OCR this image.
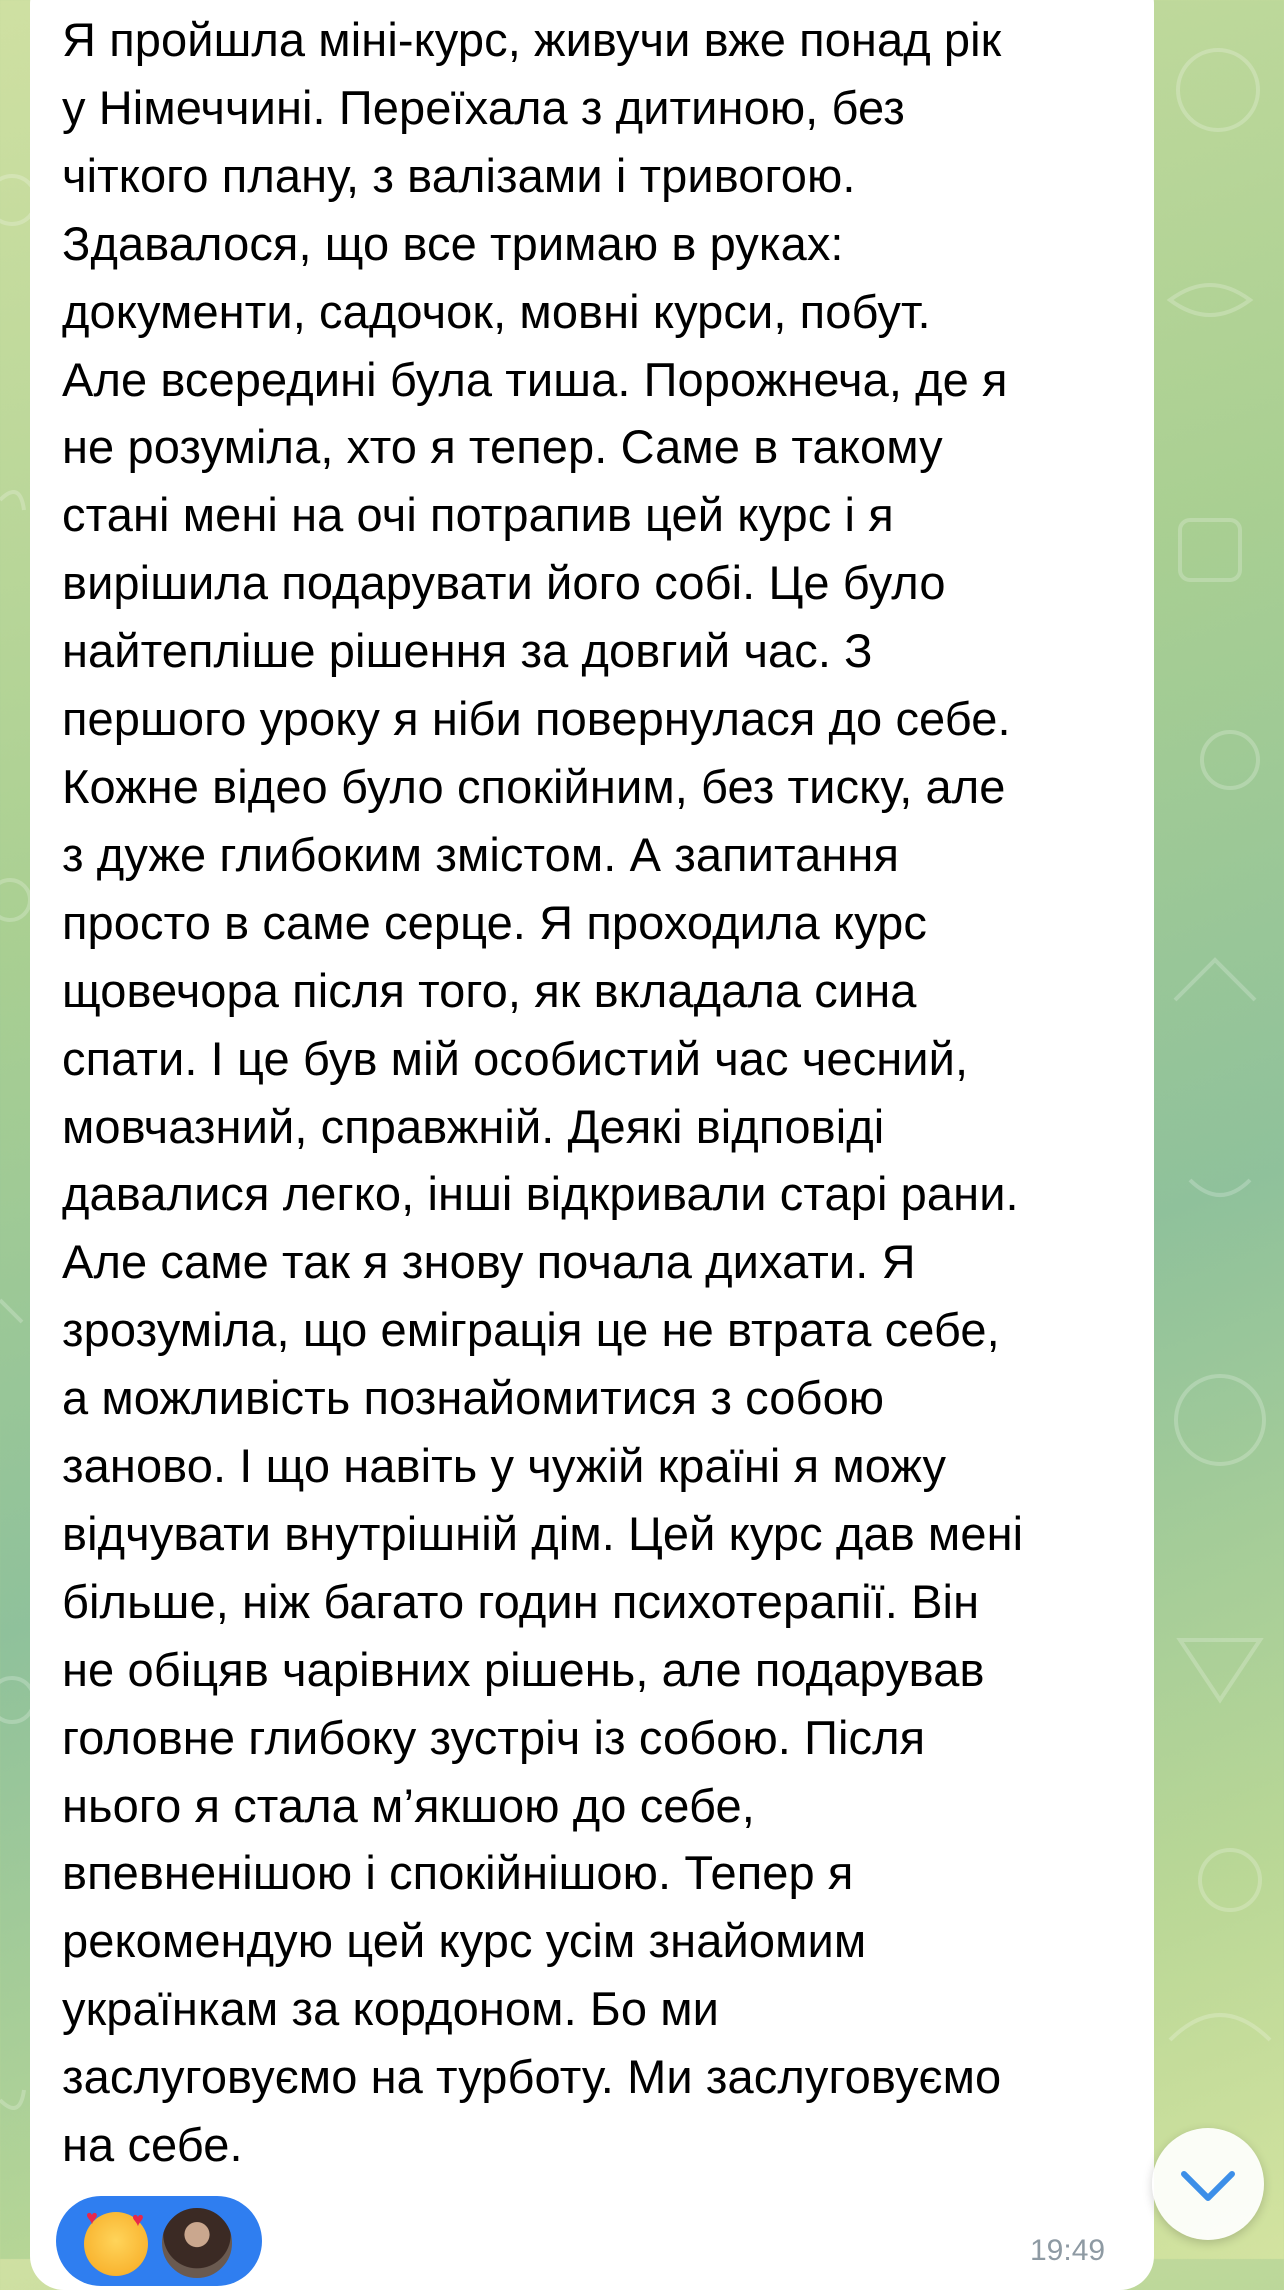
Я пройшла міні-курс, живучи вже понад рік
у Німеччині. Переїхала з дитиною, без
чіткого плану, з валізами і тривогою.
Здавалося, що все тримаю в руках:
документи, садочок, мовні курси, побут.
Але всередині була тиша. Порожнеча, де я
не розуміла, хто я тепер. Саме в такому
стані мені на очі потрапив цей курс і я
вирішила подарувати його собі. Це було
найтепліше рішення за довгий час. З
першого уроку я ніби повернулася до себе.
Кожне відео було спокійним, без тиску, але
з дуже глибоким змістом. А запитання
просто в саме серце. Я проходила курс
щовечора після того, як вкладала сина
спати. І це був мій особистий час чесний,
мовчазний, справжній. Деякі відповіді
давалися легко, інші відкривали старі рани.
Але саме так я знову почала дихати. Я
зрозуміла, що еміграція це не втрата себе,
а можливість познайомитися з собою
заново. І що навіть у чужій країні я можу
відчувати внутрішній дім. Цей курс дав мені
більше, ніж багато годин психотерапії. Він
не обіцяв чарівних рішень, але подарував
головне глибоку зустріч із собою. Після
нього я стала м’якшою до себе,
впевненішою і спокійнішою. Тепер я
рекомендую цей курс усім знайомим
українкам за кордоном. Бо ми
заслуговуємо на турботу. Ми заслуговуємо
на себе.

♥ ♥
19:49
